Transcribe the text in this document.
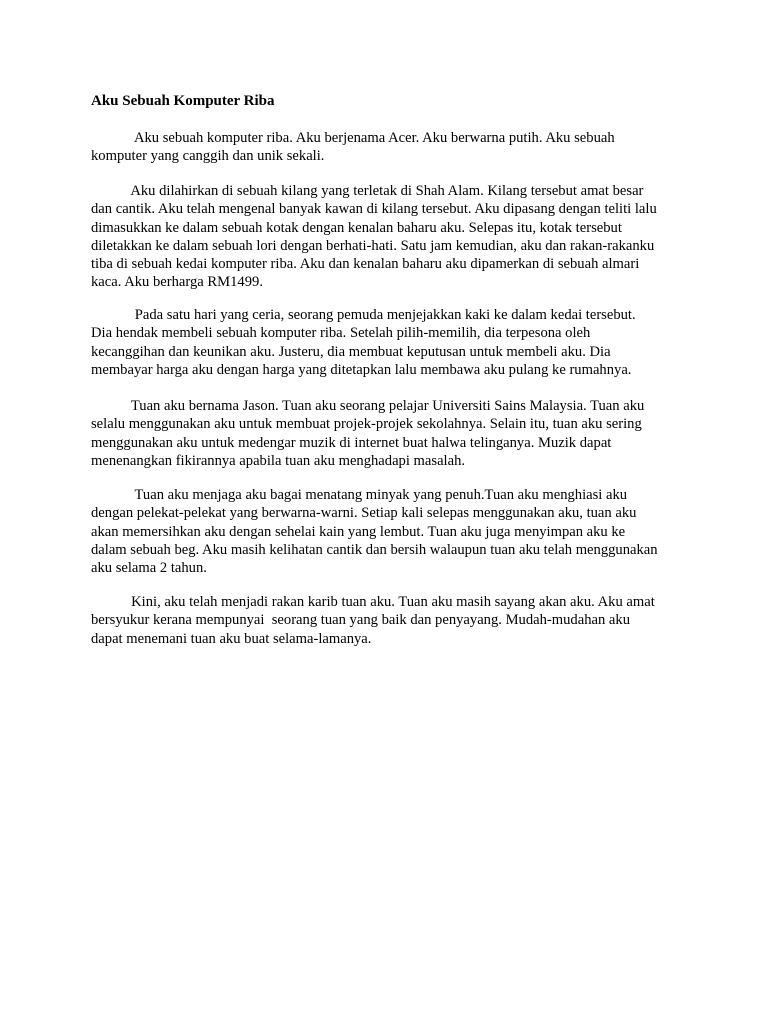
Aku Sebuah Komputer Riba
Aku sebuah komputer riba. Aku berjenama Acer. Aku berwarna putih. Aku sebuah
komputer yang canggih dan unik sekali.
Aku dilahirkan di sebuah kilang yang terletak di Shah Alam. Kilang tersebut amat besar
dan cantik. Aku telah mengenal banyak kawan di kilang tersebut. Aku dipasang dengan teliti lalu
dimasukkan ke dalam sebuah kotak dengan kenalan baharu aku. Selepas itu, kotak tersebut
diletakkan ke dalam sebuah lori dengan berhati-hati. Satu jam kemudian, aku dan rakan-rakanku
tiba di sebuah kedai komputer riba. Aku dan kenalan baharu aku dipamerkan di sebuah almari
kaca. Aku berharga RM1499.
Pada satu hari yang ceria, seorang pemuda menjejakkan kaki ke dalam kedai tersebut.
Dia hendak membeli sebuah komputer riba. Setelah pilih-memilih, dia terpesona oleh
kecanggihan dan keunikan aku. Justeru, dia membuat keputusan untuk membeli aku. Dia
membayar harga aku dengan harga yang ditetapkan lalu membawa aku pulang ke rumahnya.
Tuan aku bernama Jason. Tuan aku seorang pelajar Universiti Sains Malaysia. Tuan aku
selalu menggunakan aku untuk membuat projek-projek sekolahnya. Selain itu, tuan aku sering
menggunakan aku untuk medengar muzik di internet buat halwa telinganya. Muzik dapat
menenangkan fikirannya apabila tuan aku menghadapi masalah.
Tuan aku menjaga aku bagai menatang minyak yang penuh.Tuan aku menghiasi aku
dengan pelekat-pelekat yang berwarna-warni. Setiap kali selepas menggunakan aku, tuan aku
akan memersihkan aku dengan sehelai kain yang lembut. Tuan aku juga menyimpan aku ke
dalam sebuah beg. Aku masih kelihatan cantik dan bersih walaupun tuan aku telah menggunakan
aku selama 2 tahun.
Kini, aku telah menjadi rakan karib tuan aku. Tuan aku masih sayang akan aku. Aku amat
bersyukur kerana mempunyai  seorang tuan yang baik dan penyayang. Mudah-mudahan aku
dapat menemani tuan aku buat selama-lamanya.
